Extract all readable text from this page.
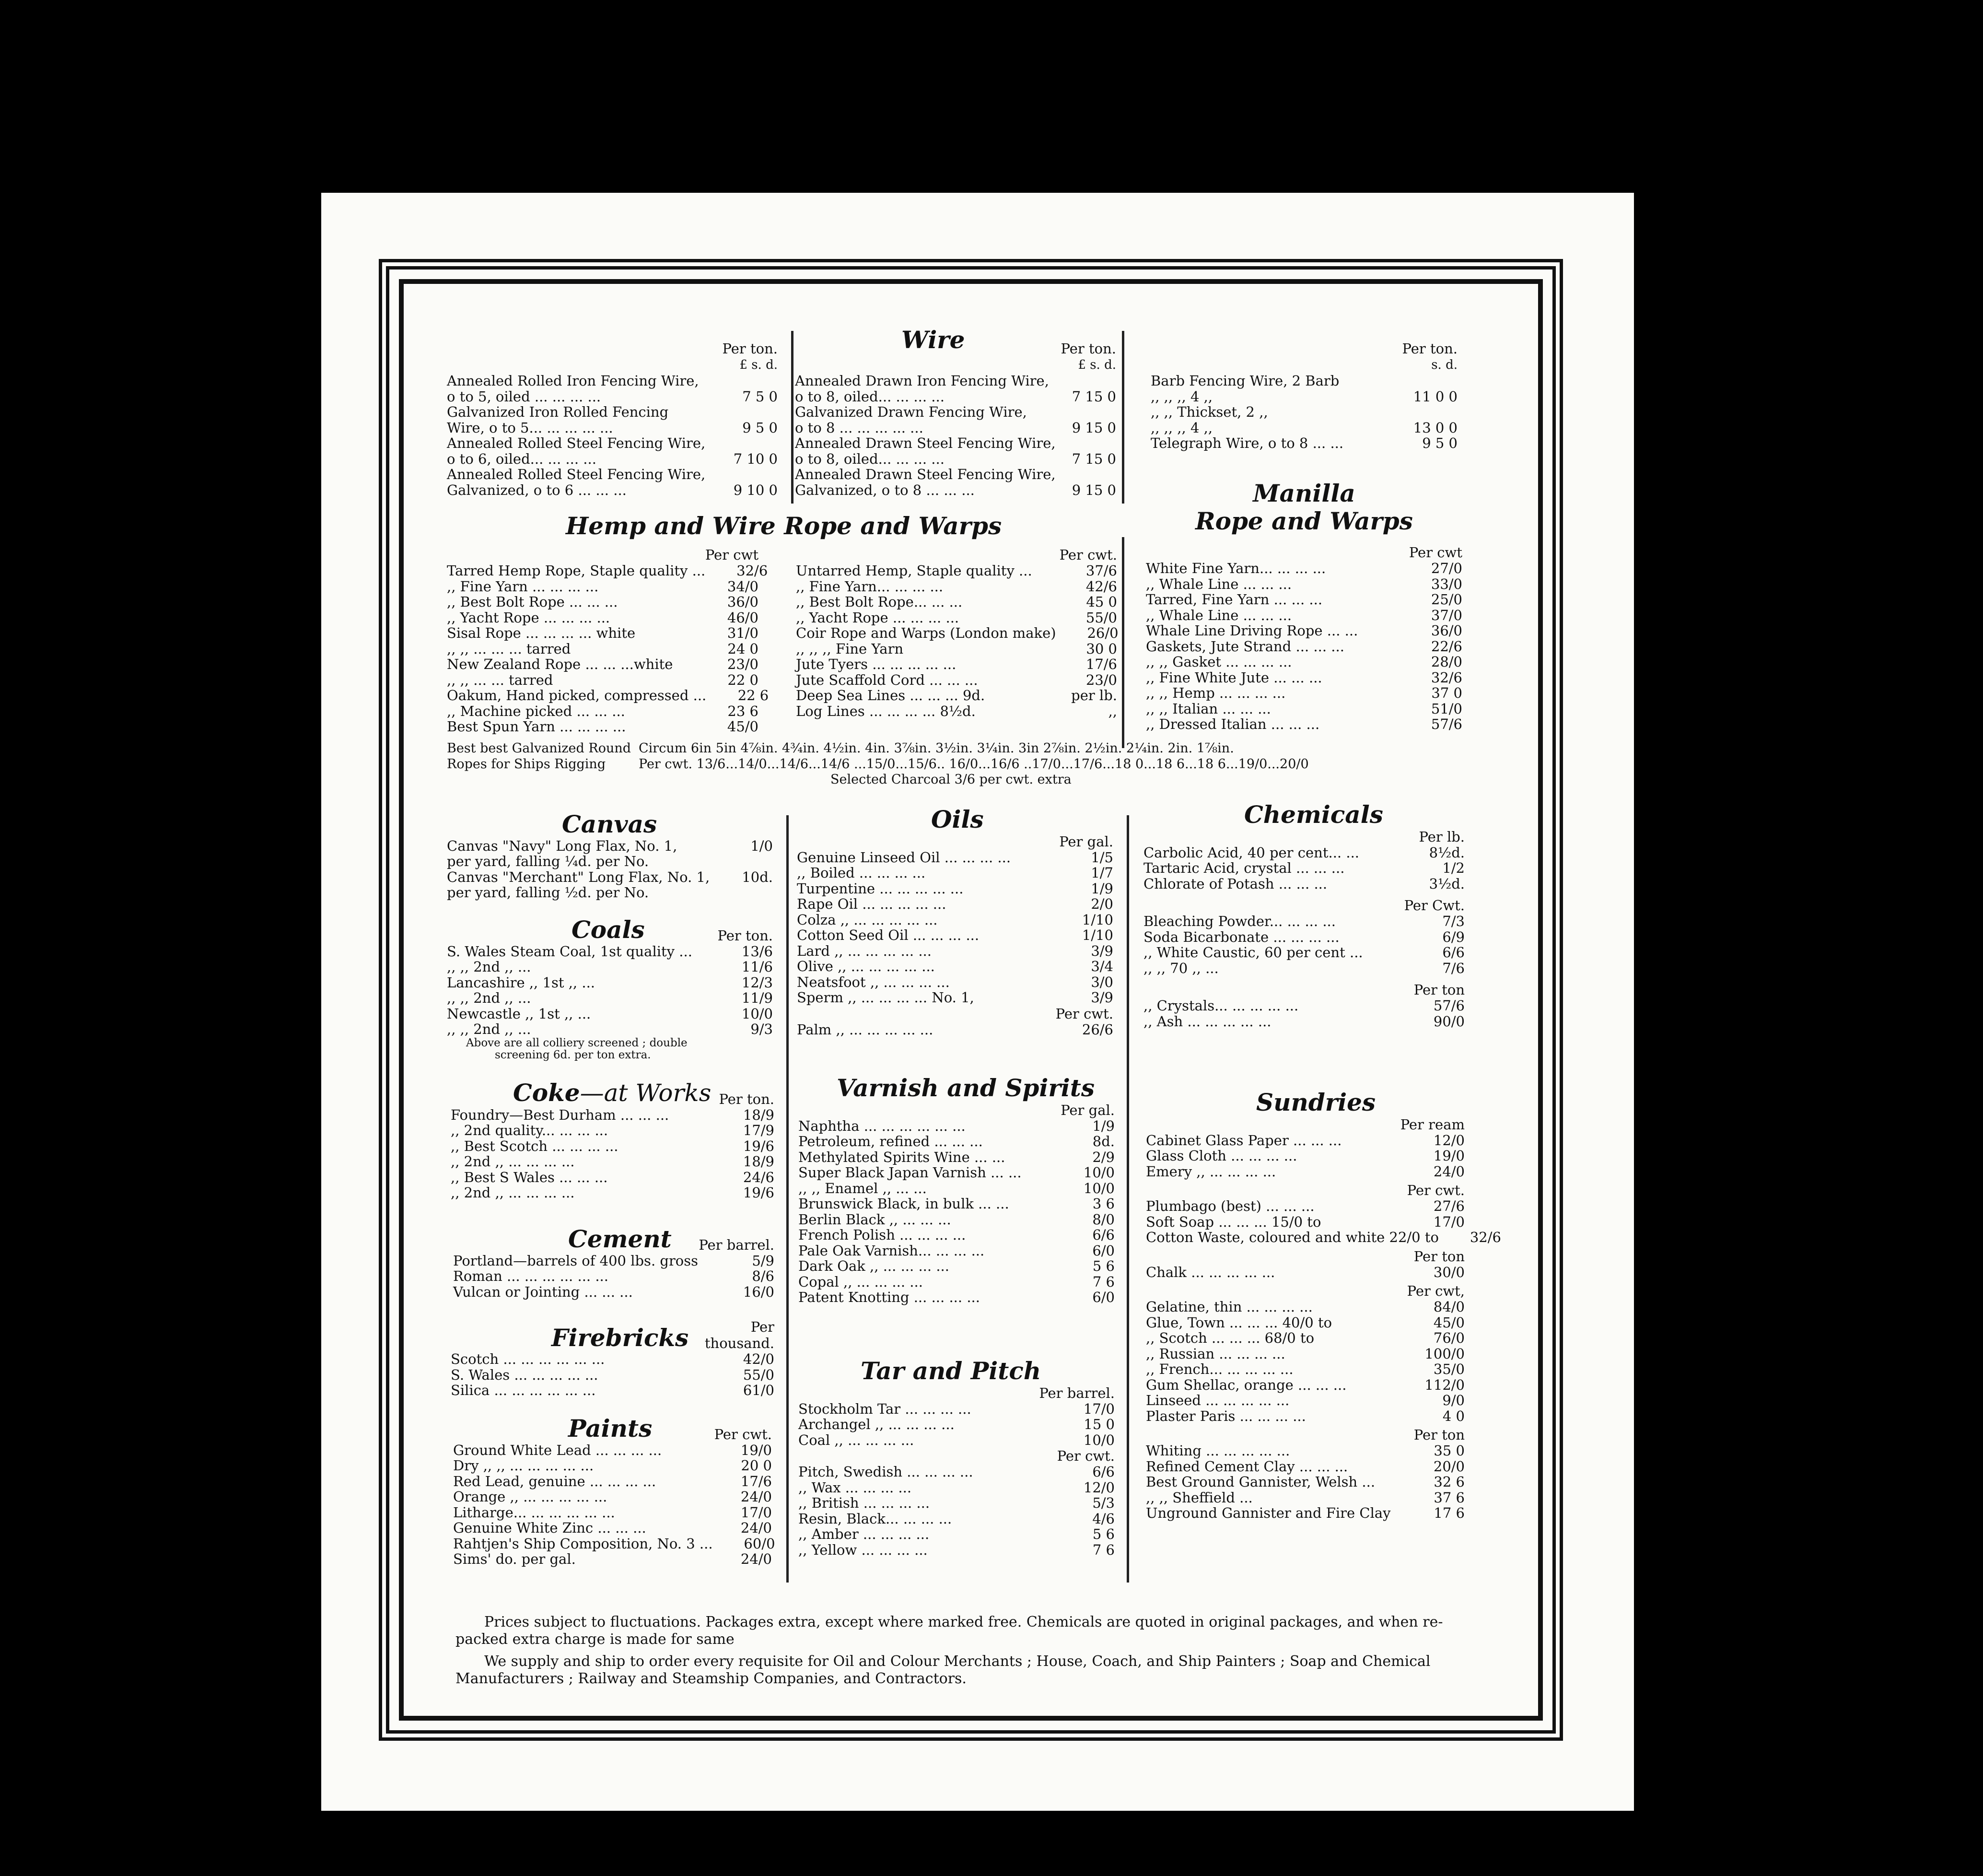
Wire

Per ton.
£ s. d.
Annealed Rolled Iron Fencing Wire,
o to 5, oiled ... ... ... ...	7 5 0
Galvanized Iron Rolled Fencing
Wire, o to 5... ... ... ... ...	9 5 0
Annealed Rolled Steel Fencing Wire,
o to 6, oiled... ... ... ...	7 10 0
Annealed Rolled Steel Fencing Wire,
Galvanized, o to 6 ... ... ...	9 10 0
Per ton.
£ s. d.
Annealed Drawn Iron Fencing Wire,
o to 8, oiled... ... ... ...	7 15 0
Galvanized Drawn Fencing Wire,
o to 8 ... ... ... ... ...	9 15 0
Annealed Drawn Steel Fencing Wire,
o to 8, oiled... ... ... ...	7 15 0
Annealed Drawn Steel Fencing Wire,
Galvanized, o to 8 ... ... ...	9 15 0
Per ton.
s. d.
Barb Fencing Wire, 2 Barb
,, ,, ,, 4 ,,	11 0 0
,, ,, Thickset, 2 ,,
,, ,, ,, 4 ,,	13 0 0
Telegraph Wire, o to 8 ... ...	9 5 0

Hemp and Wire Rope and Warps

Per cwt
Tarred Hemp Rope, Staple quality ...	32/6
,, Fine Yarn ... ... ... ...	34/0
,, Best Bolt Rope ... ... ...	36/0
,, Yacht Rope ... ... ... ...	46/0
Sisal Rope ... ... ... ... white	31/0
,, ,, ... ... ... tarred	24 0
New Zealand Rope ... ... ...white	23/0
,, ,, ... ... tarred	22 0
Oakum, Hand picked, compressed ...	22 6
,, Machine picked ... ... ...	23 6
Best Spun Yarn ... ... ... ...	45/0
Per cwt.
Untarred Hemp, Staple quality ...	37/6
,, Fine Yarn... ... ... ...	42/6
,, Best Bolt Rope... ... ...	45 0
,, Yacht Rope ... ... ... ...	55/0
Coir Rope and Warps (London make)	26/0
,, ,, ,, Fine Yarn	30 0
Jute Tyers ... ... ... ... ...	17/6
Jute Scaffold Cord ... ... ...	23/0
Deep Sea Lines ... ... ... 9d.	per lb.
Log Lines ... ... ... ... 8½d.	,,
Best best Galvanized Round Circum 6in 5in 4⅞in. 4¾in. 4½in. 4in. 3⅞in. 3½in. 3¼in. 3in 2⅞in. 2½in. 2¼in. 2in. 1⅞in.
Ropes for Ships Rigging	Per cwt. 13/6...14/0...14/6...14/6 ...15/0...15/6.. 16/0...16/6 ..17/0...17/6...18 0...18 6...18 6...19/0...20/0
Selected Charcoal 3/6 per cwt. extra

Manilla

Rope and Warps

Per cwt
White Fine Yarn... ... ... ...	27/0
,, Whale Line ... ... ...	33/0
Tarred, Fine Yarn ... ... ...	25/0
,, Whale Line ... ... ...	37/0
Whale Line Driving Rope ... ...	36/0
Gaskets, Jute Strand ... ... ...	22/6
,, ,, Gasket ... ... ... ...	28/0
,, Fine White Jute ... ... ...	32/6
,, ,, Hemp ... ... ... ...	37 0
,, ,, Italian ... ... ...	51/0
,, Dressed Italian ... ... ...	57/6

Canvas

Canvas "Navy" Long Flax, No. 1,	1/0
per yard, falling ¼d. per No.
Canvas "Merchant" Long Flax, No. 1,	10d.
per yard, falling ½d. per No.

Coals	Per ton.
S. Wales Steam Coal, 1st quality ...	13/6
,, ,, 2nd ,, ...	11/6
Lancashire ,, 1st ,, ...	12/3
,, ,, 2nd ,, ...	11/9
Newcastle ,, 1st ,, ...	10/0
,, ,, 2nd ,, ...	9/3
Above are all colliery screened ; double
screening 6d. per ton extra.

Coke—at Works Per ton.
Foundry—Best Durham ... ... ...	18/9
,, 2nd quality... ... ... ...	17/9
,, Best Scotch ... ... ... ...	19/6
,, 2nd ,, ... ... ... ...	18/9
,, Best S Wales ... ... ...	24/6
,, 2nd ,, ... ... ... ...	19/6

Cement	Per barrel.
Portland—barrels of 400 lbs. gross	5/9
Roman ... ... ... ... ... ...	8/6
Vulcan or Jointing ... ... ...	16/0

Firebricks	Per thousand.
Scotch ... ... ... ... ... ...	42/0
S. Wales ... ... ... ... ...	55/0
Silica ... ... ... ... ... ...	61/0

Paints	Per cwt.
Ground White Lead ... ... ... ...	19/0
Dry ,, ,, ... ... ... ... ...	20 0
Red Lead, genuine ... ... ... ...	17/6
Orange ,, ... ... ... ... ...	24/0
Litharge... ... ... ... ... ...	17/0
Genuine White Zinc ... ... ...	24/0
Rahtjen's Ship Composition, No. 3 ...	60/0
Sims' do. per gal.	24/0

Oils

Per gal.
Genuine Linseed Oil ... ... ... ...	1/5
,, Boiled ... ... ... ...	1/7
Turpentine ... ... ... ... ...	1/9
Rape Oil ... ... ... ... ...	2/0
Colza ,, ... ... ... ... ...	1/10
Cotton Seed Oil ... ... ... ...	1/10
Lard ,, ... ... ... ... ...	3/9
Olive ,, ... ... ... ... ...	3/4
Neatsfoot ,, ... ... ... ...	3/0
Sperm ,, ... ... ... ... No. 1,	3/9
Per cwt.
Palm ,, ... ... ... ... ...	26/6

Varnish and Spirits

Per gal.
Naphtha ... ... ... ... ... ...	1/9
Petroleum, refined ... ... ...	8d.
Methylated Spirits Wine ... ...	2/9
Super Black Japan Varnish ... ...	10/0
,, ,, Enamel ,, ... ...	10/0
Brunswick Black, in bulk ... ...	3 6
Berlin Black ,, ... ... ...	8/0
French Polish ... ... ... ...	6/6
Pale Oak Varnish... ... ... ...	6/0
Dark Oak ,, ... ... ... ...	5 6
Copal ,, ... ... ... ...	7 6
Patent Knotting ... ... ... ...	6/0

Tar and Pitch

Per barrel.
Stockholm Tar ... ... ... ...	17/0
Archangel ,, ... ... ... ...	15 0
Coal ,, ... ... ... ...	10/0
Per cwt.
Pitch, Swedish ... ... ... ...	6/6
,, Wax ... ... ... ...	12/0
,, British ... ... ... ...	5/3
Resin, Black... ... ... ...	4/6
,, Amber ... ... ... ...	5 6
,, Yellow ... ... ... ...	7 6

Chemicals

Per lb.
Carbolic Acid, 40 per cent... ...	8½d.
Tartaric Acid, crystal ... ... ...	1/2
Chlorate of Potash ... ... ...	3½d.
Per Cwt.
Bleaching Powder... ... ... ...	7/3
Soda Bicarbonate ... ... ... ...	6/9
,, White Caustic, 60 per cent ...	6/6
,, ,, 70 ,, ...	7/6
Per ton
,, Crystals... ... ... ... ...	57/6
,, Ash ... ... ... ... ...	90/0

Sundries

Per ream
Cabinet Glass Paper ... ... ...	12/0
Glass Cloth ... ... ... ...	19/0
Emery ,, ... ... ... ...	24/0
Per cwt.
Plumbago (best) ... ... ...	27/6
Soft Soap ... ... ... 15/0 to	17/0
Cotton Waste, coloured and white 22/0 to	32/6
Per ton
Chalk ... ... ... ... ...	30/0
Per cwt,
Gelatine, thin ... ... ... ...	84/0
Glue, Town ... ... ... 40/0 to	45/0
,, Scotch ... ... ... 68/0 to	76/0
,, Russian ... ... ... ...	100/0
,, French... ... ... ... ...	35/0
Gum Shellac, orange ... ... ...	112/0
Linseed ... ... ... ... ...	9/0
Plaster Paris ... ... ... ...	4 0
Per ton
Whiting ... ... ... ... ...	35 0
Refined Cement Clay ... ... ...	20/0
Best Ground Gannister, Welsh ...	32 6
,, ,, Sheffield ...	37 6
Unground Gannister and Fire Clay	17 6

Prices subject to fluctuations. Packages extra, except where marked free. Chemicals are quoted in original packages, and when re-packed extra charge is made for same

We supply and ship to order every requisite for Oil and Colour Merchants ; House, Coach, and Ship Painters ; Soap and Chemical Manufacturers ; Railway and Steamship Companies, and Contractors.
